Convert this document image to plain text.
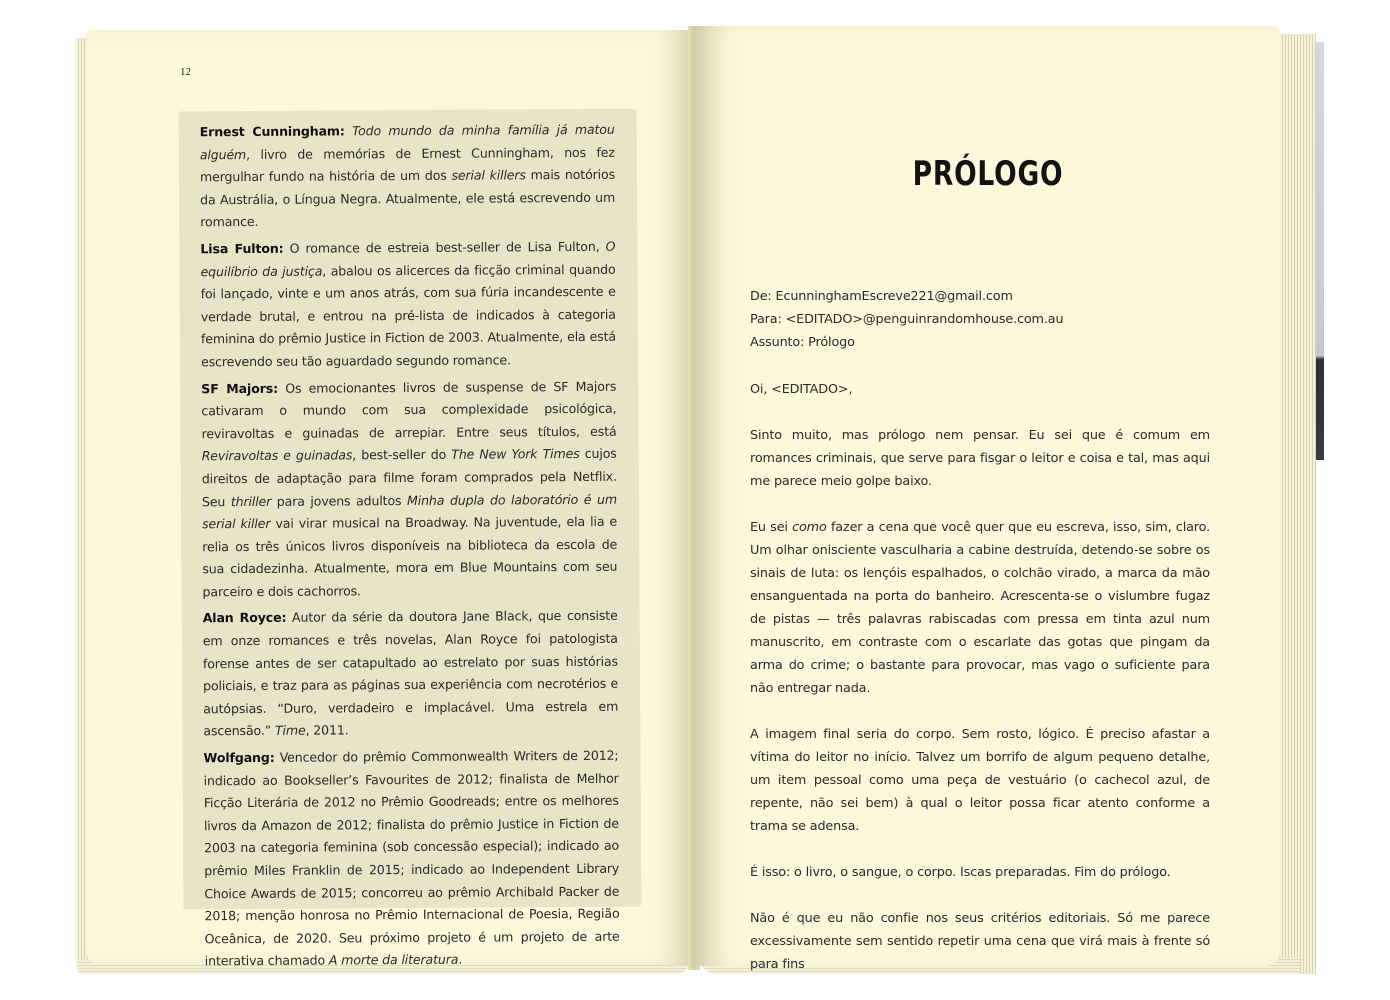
12

Ernest Cunningham: Todo mundo da minha família já matou alguém, livro de memórias de Ernest Cunningham, nos fez mergulhar fundo na história de um dos serial killers mais notórios da Austrália, o Língua Negra. Atualmente, ele está escrevendo um romance.

Lisa Fulton: O romance de estreia best-seller de Lisa Fulton, O equilíbrio da justiça, abalou os alicerces da ficção criminal quando foi lançado, vinte e um anos atrás, com sua fúria incandescente e verdade brutal, e entrou na pré-lista de indicados à categoria feminina do prêmio Justice in Fiction de 2003. Atualmente, ela está escrevendo seu tão aguardado segundo romance.

SF Majors: Os emocionantes livros de suspense de SF Majors cativaram o mundo com sua complexidade psicológica, reviravoltas e guinadas de arrepiar. Entre seus títulos, está Reviravoltas e guinadas, best-seller do The New York Times cujos direitos de adaptação para filme foram comprados pela Netflix. Seu thriller para jovens adultos Minha dupla do laboratório é um serial killer vai virar musical na Broadway. Na juventude, ela lia e relia os três únicos livros disponíveis na biblioteca da escola de sua cidadezinha. Atualmente, mora em Blue Mountains com seu parceiro e dois cachorros.

Alan Royce: Autor da série da doutora Jane Black, que consiste em onze romances e três novelas, Alan Royce foi patologista forense antes de ser catapultado ao estrelato por suas histórias policiais, e traz para as páginas sua experiência com necrotérios e autópsias. “Duro, verdadeiro e implacável. Uma estrela em ascensão.” Time, 2011.

Wolfgang: Vencedor do prêmio Commonwealth Writers de 2012; indicado ao Bookseller’s Favourites de 2012; finalista de Melhor Ficção Literária de 2012 no Prêmio Goodreads; entre os melhores livros da Amazon de 2012; finalista do prêmio Justice in Fiction de 2003 na categoria feminina (sob concessão especial); indicado ao prêmio Miles Franklin de 2015; indicado ao Independent Library Choice Awards de 2015; concorreu ao prêmio Archibald Packer de 2018; menção honrosa no Prêmio Internacional de Poesia, Região Oceânica, de 2020. Seu próximo projeto é um projeto de arte interativa chamado A morte da literatura.

PRÓLOGO

De: EcunninghamEscreve221@gmail.com

Para: <EDITADO>@penguinrandomhouse.com.au

Assunto: Prólogo

Oi, <EDITADO>,

Sinto muito, mas prólogo nem pensar. Eu sei que é comum em romances criminais, que serve para fisgar o leitor e coisa e tal, mas aqui me parece meio golpe baixo.

Eu sei como fazer a cena que você quer que eu escreva, isso, sim, claro. Um olhar onisciente vasculharia a cabine destruída, detendo-se sobre os sinais de luta: os lençóis espalhados, o colchão virado, a marca da mão ensanguentada na porta do banheiro. Acrescenta-se o vislumbre fugaz de pistas — três palavras rabiscadas com pressa em tinta azul num manuscrito, em contraste com o escarlate das gotas que pingam da arma do crime; o bastante para provocar, mas vago o suficiente para não entregar nada.

A imagem final seria do corpo. Sem rosto, lógico. É preciso afastar a vítima do leitor no início. Talvez um borrifo de algum pequeno detalhe, um item pessoal como uma peça de vestuário (o cachecol azul, de repente, não sei bem) à qual o leitor possa ficar atento conforme a trama se adensa.

É isso: o livro, o sangue, o corpo. Iscas preparadas. Fim do prólogo.

Não é que eu não confie nos seus critérios editoriais. Só me parece excessivamente sem sentido repetir uma cena que virá mais à frente só para fins
